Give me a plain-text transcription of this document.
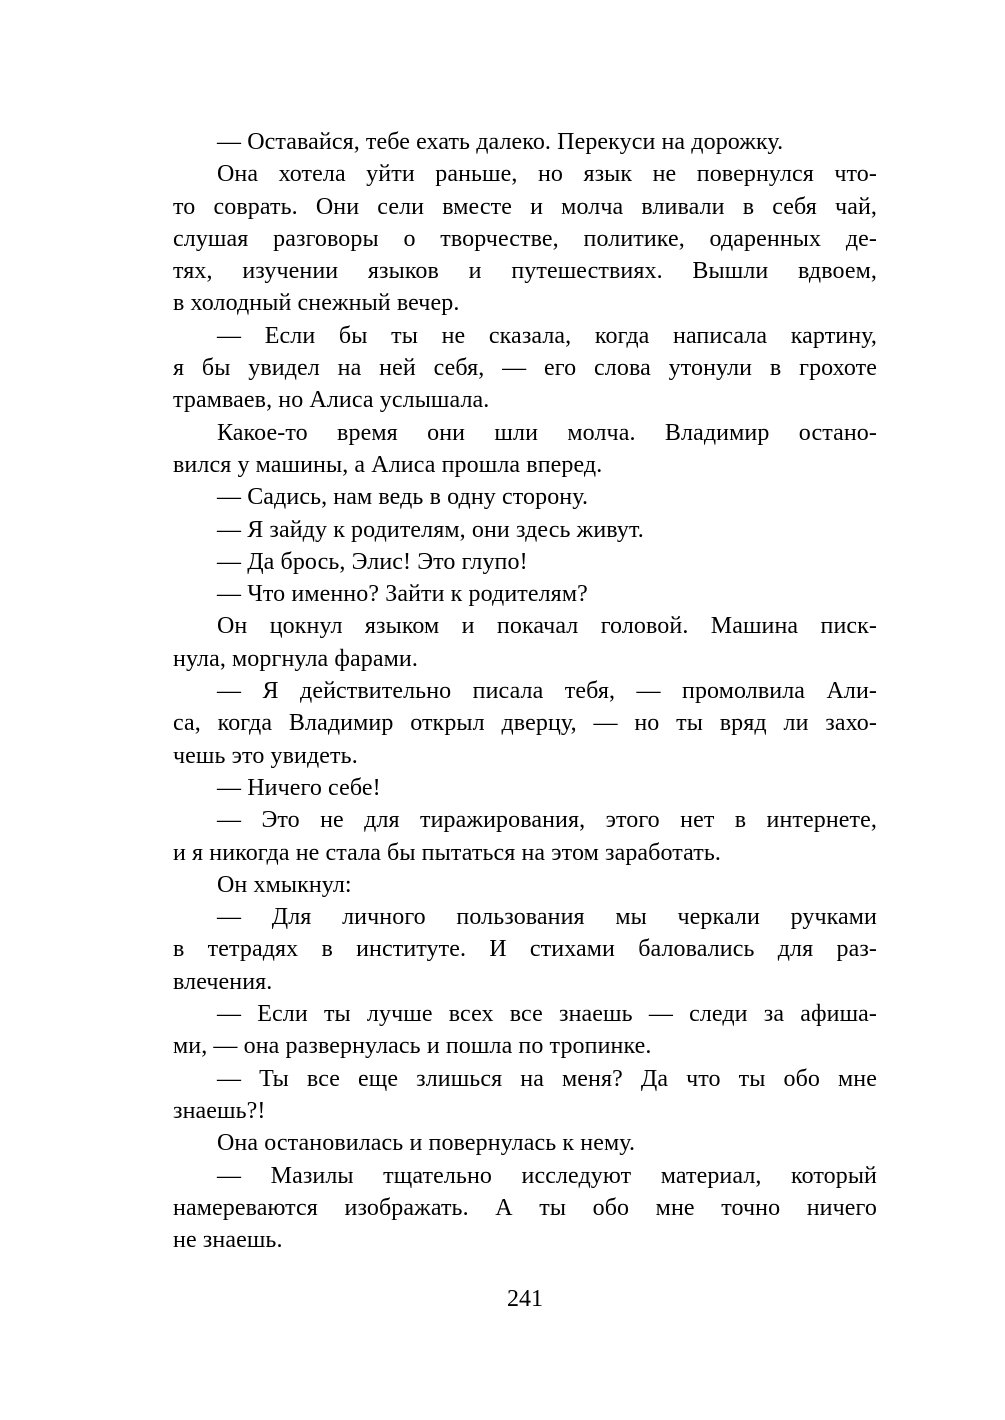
— Оставайся, тебе ехать далеко. Перекуси на дорожку.
Она хотела уйти раньше, но язык не повернулся что-
то соврать. Они сели вместе и молча вливали в себя чай,
слушая разговоры о творчестве, политике, одаренных де-
тях, изучении языков и путешествиях. Вышли вдвоем,
в холодный снежный вечер.
— Если бы ты не сказала, когда написала картину,
я бы увидел на ней себя, — его слова утонули в грохоте
трамваев, но Алиса услышала.
Какое-то время они шли молча. Владимир остано-
вился у машины, а Алиса прошла вперед.
— Садись, нам ведь в одну сторону.
— Я зайду к родителям, они здесь живут.
— Да брось, Элис! Это глупо!
— Что именно? Зайти к родителям?
Он цокнул языком и покачал головой. Машина писк-
нула, моргнула фарами.
— Я действительно писала тебя, — промолвила Али-
са, когда Владимир открыл дверцу, — но ты вряд ли захо-
чешь это увидеть.
— Ничего себе!
— Это не для тиражирования, этого нет в интернете,
и я никогда не стала бы пытаться на этом заработать.
Он хмыкнул:
— Для личного пользования мы черкали ручками
в тетрадях в институте. И стихами баловались для раз-
влечения.
— Если ты лучше всех все знаешь — следи за афиша-
ми, — она развернулась и пошла по тропинке.
— Ты все еще злишься на меня? Да что ты обо мне
знаешь?!
Она остановилась и повернулась к нему.
— Мазилы тщательно исследуют материал, который
намереваются изображать. А ты обо мне точно ничего
не знаешь.
241
